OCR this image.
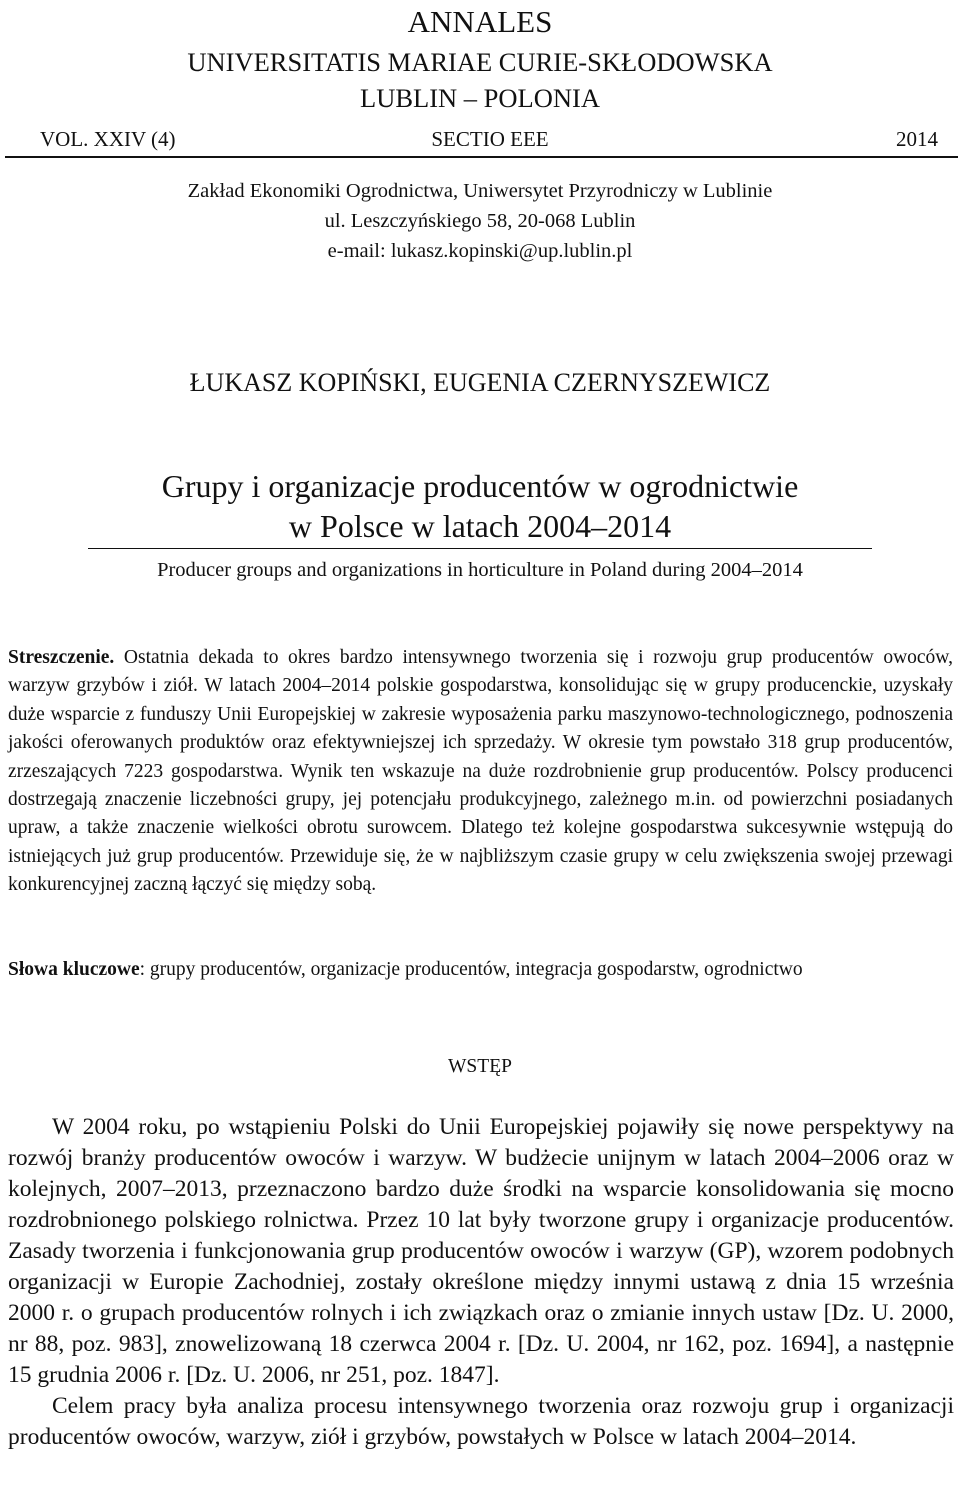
ANNALES
UNIVERSITATIS MARIAE CURIE-SKŁODOWSKA
LUBLIN – POLONIA
VOL. XXIV (4)	SECTIO EEE	2014
Zakład Ekonomiki Ogrodnictwa, Uniwersytet Przyrodniczy w Lublinie
ul. Leszczyńskiego 58, 20-068 Lublin
e-mail: lukasz.kopinski@up.lublin.pl
ŁUKASZ KOPIŃSKI, EUGENIA CZERNYSZEWICZ
Grupy i organizacje producentów w ogrodnictwie
w Polsce w latach 2004–2014
Producer groups and organizations in horticulture in Poland during 2004–2014
Streszczenie. Ostatnia dekada to okres bardzo intensywnego tworzenia się i rozwoju grup producentów owoców, warzyw grzybów i ziół. W latach 2004–2014 polskie gospodarstwa, konsolidując się w grupy producenckie, uzyskały duże wsparcie z funduszy Unii Europejskiej w zakresie wyposażenia parku maszynowo-technologicznego, podnoszenia jakości oferowanych produktów oraz efektywniejszej ich sprzedaży. W okresie tym powstało 318 grup producentów, zrzeszających 7223 gospodarstwa. Wynik ten wskazuje na duże rozdrobnienie grup producentów. Polscy producenci dostrzegają znaczenie liczebności grupy, jej potencjału produkcyjnego, zależnego m.in. od powierzchni posiadanych upraw, a także znaczenie wielkości obrotu surowcem. Dlatego też kolejne gospodarstwa sukcesywnie wstępują do istniejących już grup producentów. Przewiduje się, że w najbliższym czasie grupy w celu zwiększenia swojej przewagi konkurencyjnej zaczną łączyć się między sobą.
Słowa kluczowe: grupy producentów, organizacje producentów, integracja gospodarstw, ogrodnictwo
WSTĘP

W 2004 roku, po wstąpieniu Polski do Unii Europejskiej pojawiły się nowe perspektywy na rozwój branży producentów owoców i warzyw. W budżecie unijnym w latach 2004–2006 oraz w kolejnych, 2007–2013, przeznaczono bardzo duże środki na wsparcie konsolidowania się mocno rozdrobnionego polskiego rolnictwa. Przez 10 lat były tworzone grupy i organizacje producentów. Zasady tworzenia i funkcjonowania grup producentów owoców i warzyw (GP), wzorem podobnych organizacji w Europie Zachodniej, zostały określone między innymi ustawą z dnia 15 września 2000 r. o grupach producentów rolnych i ich związkach oraz o zmianie innych ustaw [Dz. U. 2000, nr 88, poz. 983], znowelizowaną 18 czerwca 2004 r. [Dz. U. 2004, nr 162, poz. 1694], a następnie 15 grudnia 2006 r. [Dz. U. 2006, nr 251, poz. 1847].

Celem pracy była analiza procesu intensywnego tworzenia oraz rozwoju grup i organizacji producentów owoców, warzyw, ziół i grzybów, powstałych w Polsce w latach 2004–2014.
